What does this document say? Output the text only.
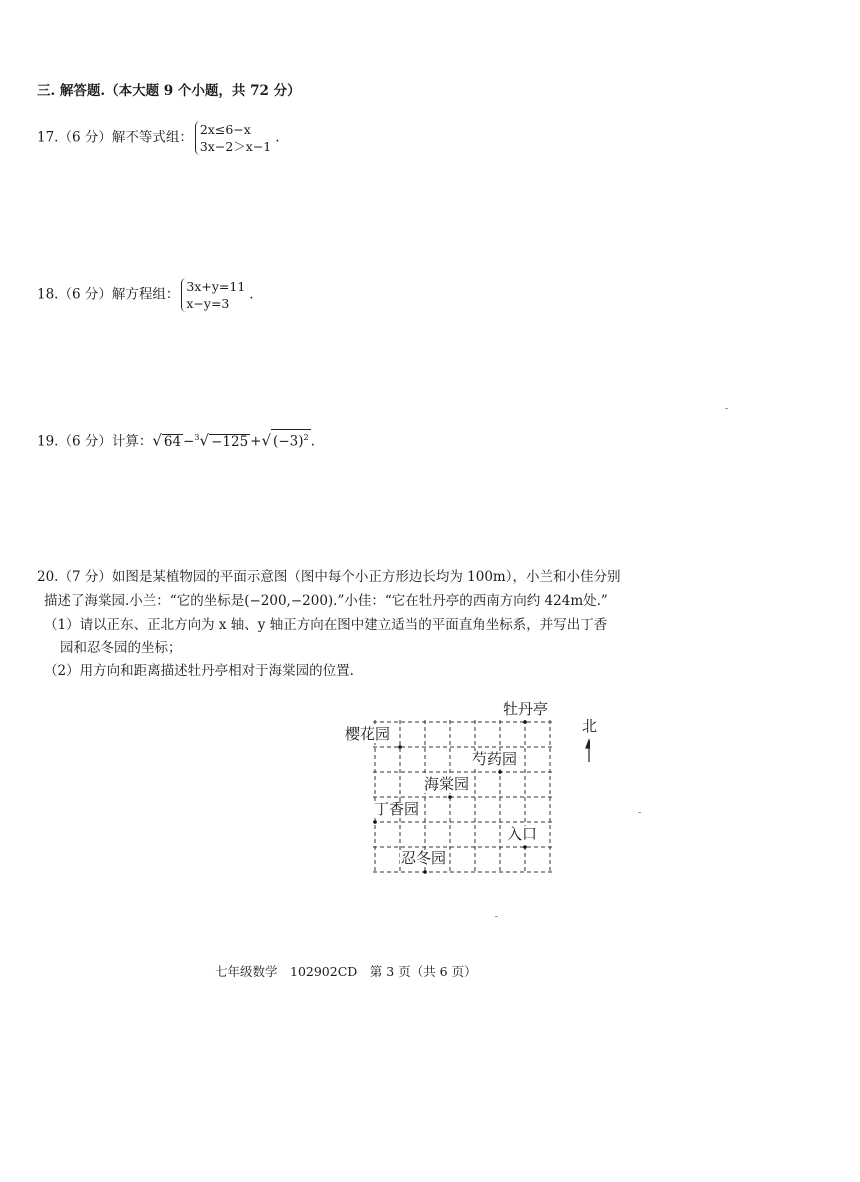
三. 解答题.（本大题 9 个小题，共 72 分）
17.（6 分）解不等式组： 2x≤6−x
3x−2＞x−1
.
18.（6 分）解方程组： 3x+y=11
x−y=3
.
19.（6 分）计算：√ 64 −$^3$√ −125 +√ $(-3)^2$ .
20.（7 分）如图是某植物园的平面示意图（图中每个小正方形边长均为 100m），小兰和小佳分别
描述了海棠园.小兰：“它的坐标是(−200,−200).”小佳：“它在牡丹亭的西南方向约 424m处.”
（1）请以正东、正北方向为 x 轴、y 轴正方向在图中建立适当的平面直角坐标系，并写出丁香
园和忍冬园的坐标；
（2）用方向和距离描述牡丹亭相对于海棠园的位置.
牡丹亭
樱花园
芍药园
海棠园
丁香园
入口
忍冬园
北
七年级数学　102902CD　第 3 页（共 6 页）
